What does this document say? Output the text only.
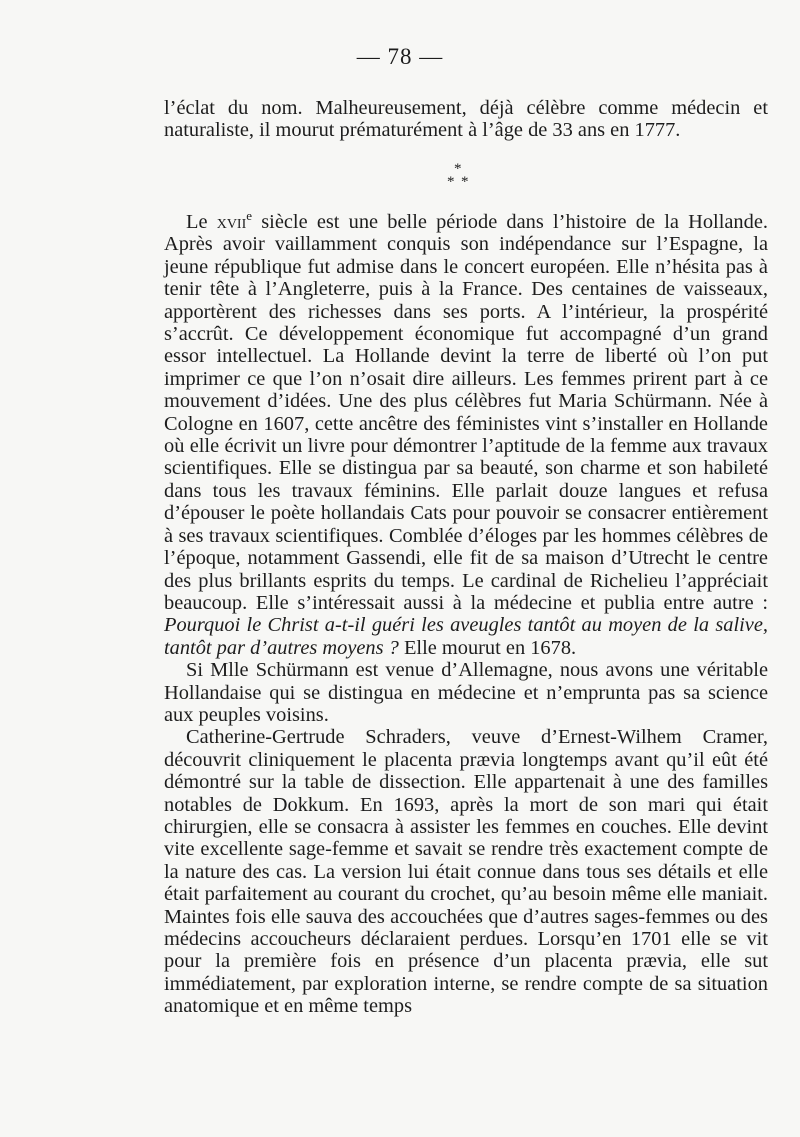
— 78 —

l’éclat du nom. Malheureusement, déjà célèbre comme médecin et naturaliste, il mourut prématurément à l’âge de 33 ans en 1777.

*
* *

Le xvii$^e$ siècle est une belle période dans l’histoire de la Hollande. Après avoir vaillamment conquis son indépendance sur l’Espagne, la jeune république fut admise dans le concert européen. Elle n’hésita pas à tenir tête à l’Angleterre, puis à la France. Des centaines de vaisseaux, apportèrent des richesses dans ses ports. A l’intérieur, la prospérité s’accrût. Ce développement économique fut accompagné d’un grand essor intellectuel. La Hollande devint la terre de liberté où l’on put imprimer ce que l’on n’osait dire ailleurs. Les femmes prirent part à ce mouvement d’idées. Une des plus célèbres fut Maria Schürmann. Née à Cologne en 1607, cette ancêtre des féministes vint s’installer en Hollande où elle écrivit un livre pour démontrer l’aptitude de la femme aux travaux scientifiques. Elle se distingua par sa beauté, son charme et son habileté dans tous les travaux féminins. Elle parlait douze langues et refusa d’épouser le poète hollandais Cats pour pouvoir se consacrer entièrement à ses travaux scientifiques. Comblée d’éloges par les hommes célèbres de l’époque, notamment Gassendi, elle fit de sa maison d’Utrecht le centre des plus brillants esprits du temps. Le cardinal de Richelieu l’appréciait beaucoup. Elle s’intéressait aussi à la médecine et publia entre autre : Pourquoi le Christ a-t-il guéri les aveugles tantôt au moyen de la salive, tantôt par d’autres moyens ? Elle mourut en 1678.

Si Mlle Schürmann est venue d’Allemagne, nous avons une véritable Hollandaise qui se distingua en médecine et n’emprunta pas sa science aux peuples voisins.

Catherine-Gertrude Schraders, veuve d’Ernest-Wilhem Cramer, découvrit cliniquement le placenta prævia longtemps avant qu’il eût été démontré sur la table de dissection. Elle appartenait à une des familles notables de Dokkum. En 1693, après la mort de son mari qui était chirurgien, elle se consacra à assister les femmes en couches. Elle devint vite excellente sage-femme et savait se rendre très exactement compte de la nature des cas. La version lui était connue dans tous ses détails et elle était parfaitement au courant du crochet, qu’au besoin même elle maniait. Maintes fois elle sauva des accouchées que d’autres sages-femmes ou des médecins accoucheurs déclaraient perdues. Lorsqu’en 1701 elle se vit pour la première fois en présence d’un placenta prævia, elle sut immédiatement, par exploration interne, se rendre compte de sa situation anatomique et en même temps
